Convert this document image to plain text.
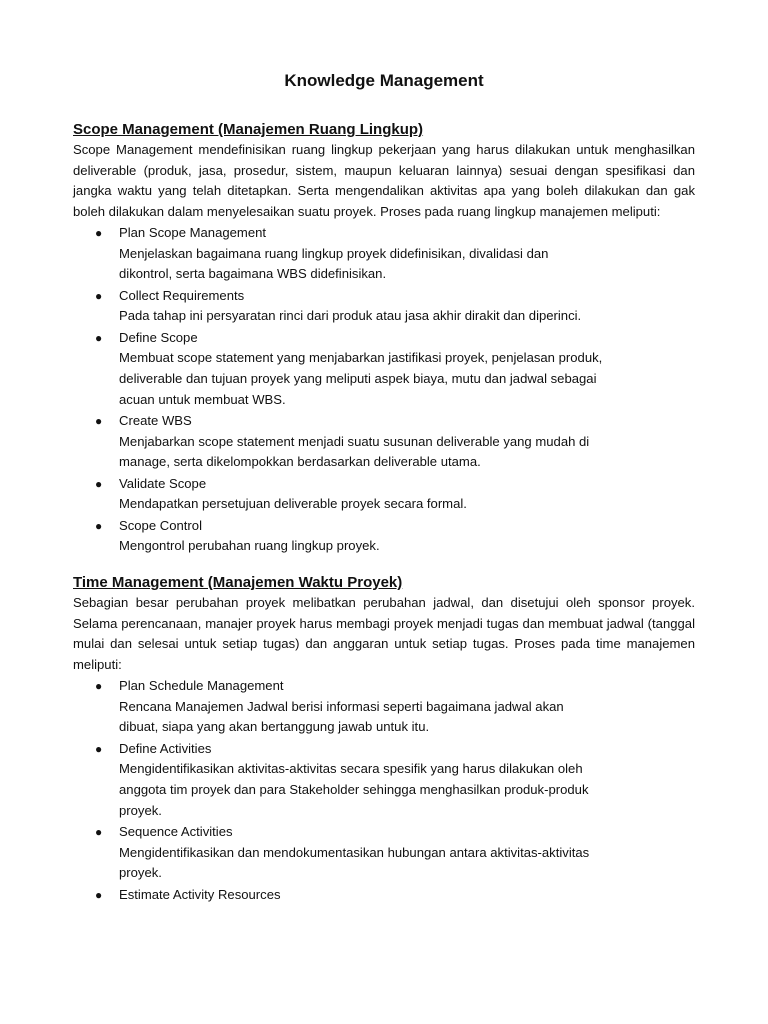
Knowledge Management
Scope Management (Manajemen Ruang Lingkup)

Scope Management mendefinisikan ruang lingkup pekerjaan yang harus dilakukan untuk menghasilkan deliverable (produk, jasa, prosedur, sistem, maupun keluaran lainnya) sesuai dengan spesifikasi dan jangka waktu yang telah ditetapkan. Serta mengendalikan aktivitas apa yang boleh dilakukan dan gak boleh dilakukan dalam menyelesaikan suatu proyek. Proses pada ruang lingkup manajemen meliputi:

● Plan Scope Management
Menjelaskan bagaimana ruang lingkup proyek didefinisikan, divalidasi dan dikontrol, serta bagaimana WBS didefinisikan.
● Collect Requirements
Pada tahap ini persyaratan rinci dari produk atau jasa akhir dirakit dan diperinci.
● Define Scope
Membuat scope statement yang menjabarkan jastifikasi proyek, penjelasan produk, deliverable dan tujuan proyek yang meliputi aspek biaya, mutu dan jadwal sebagai acuan untuk membuat WBS.
● Create WBS
Menjabarkan scope statement menjadi suatu susunan deliverable yang mudah di manage, serta dikelompokkan berdasarkan deliverable utama.
● Validate Scope
Mendapatkan persetujuan deliverable proyek secara formal.
● Scope Control
Mengontrol perubahan ruang lingkup proyek.
Time Management (Manajemen Waktu Proyek)

Sebagian besar perubahan proyek melibatkan perubahan jadwal, dan disetujui oleh sponsor proyek. Selama perencanaan, manajer proyek harus membagi proyek menjadi tugas dan membuat jadwal (tanggal mulai dan selesai untuk setiap tugas) dan anggaran untuk setiap tugas. Proses pada time manajemen meliputi:

● Plan Schedule Management
Rencana Manajemen Jadwal berisi informasi seperti bagaimana jadwal akan dibuat, siapa yang akan bertanggung jawab untuk itu.
● Define Activities
Mengidentifikasikan aktivitas-aktivitas secara spesifik yang harus dilakukan oleh anggota tim proyek dan para Stakeholder sehingga menghasilkan produk-produk proyek.
● Sequence Activities
Mengidentifikasikan dan mendokumentasikan hubungan antara aktivitas-aktivitas proyek.
● Estimate Activity Resources
